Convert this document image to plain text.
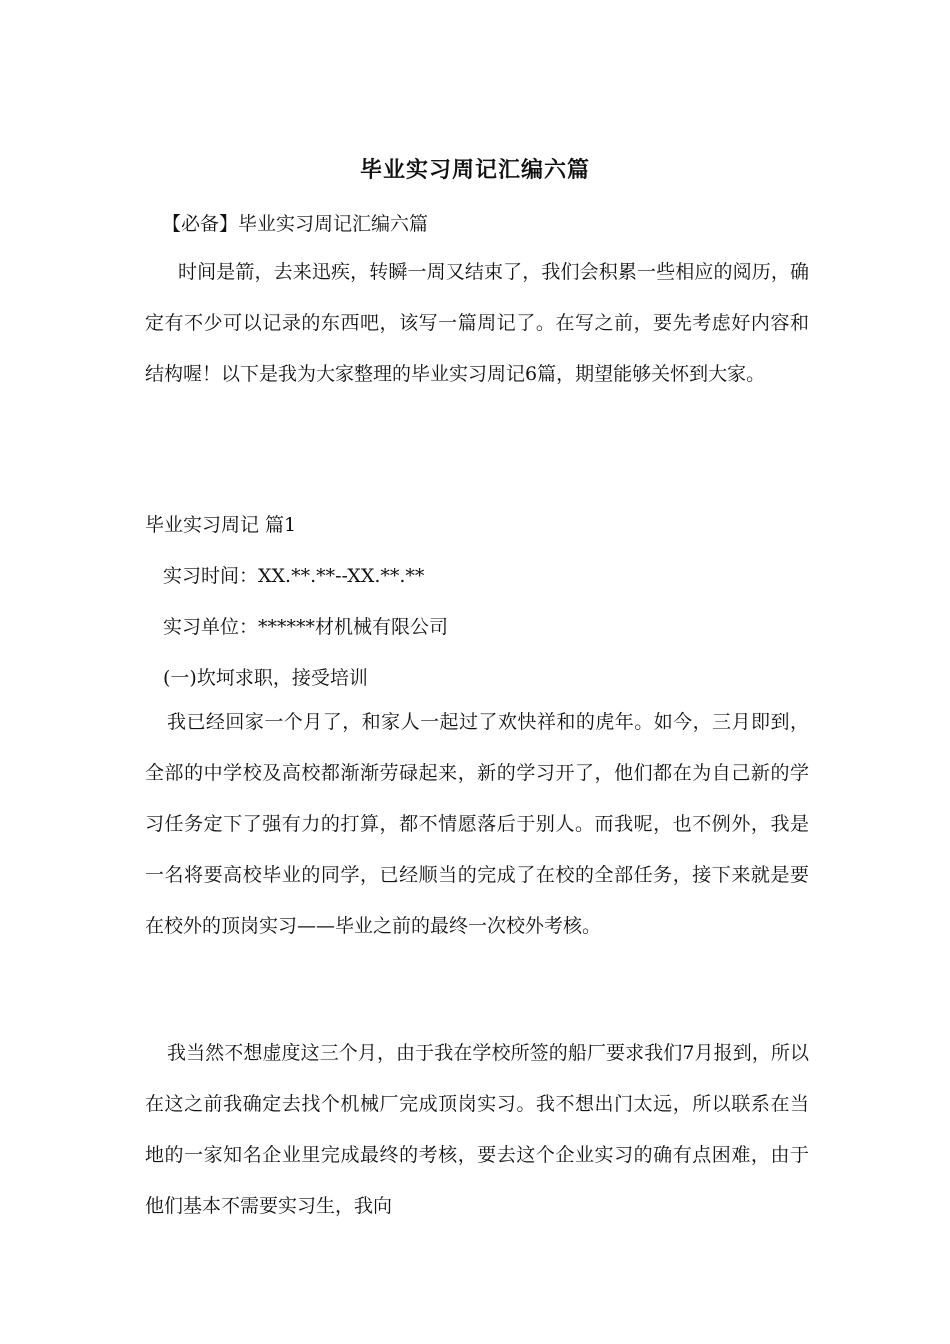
毕业实习周记汇编六篇
【必备】毕业实习周记汇编六篇

时间是箭，去来迅疾，转瞬一周又结束了，我们会积累一些相应的阅历，确定有不少可以记录的东西吧，该写一篇周记了。在写之前，要先考虑好内容和结构喔！以下是我为大家整理的毕业实习周记6篇，期望能够关怀到大家。

毕业实习周记 篇1
实习时间：XX.**.**--XX.**.**
实习单位：******材机械有限公司
(一)坎坷求职，接受培训

我已经回家一个月了，和家人一起过了欢快祥和的虎年。如今，三月即到，全部的中学校及高校都渐渐劳碌起来，新的学习开了，他们都在为自己新的学习任务定下了强有力的打算，都不情愿落后于别人。而我呢，也不例外，我是一名将要高校毕业的同学，已经顺当的完成了在校的全部任务，接下来就是要在校外的顶岗实习——毕业之前的最终一次校外考核。

我当然不想虚度这三个月，由于我在学校所签的船厂要求我们7月报到，所以在这之前我确定去找个机械厂完成顶岗实习。我不想出门太远，所以联系在当地的一家知名企业里完成最终的考核，要去这个企业实习的确有点困难，由于他们基本不需要实习生，我向
